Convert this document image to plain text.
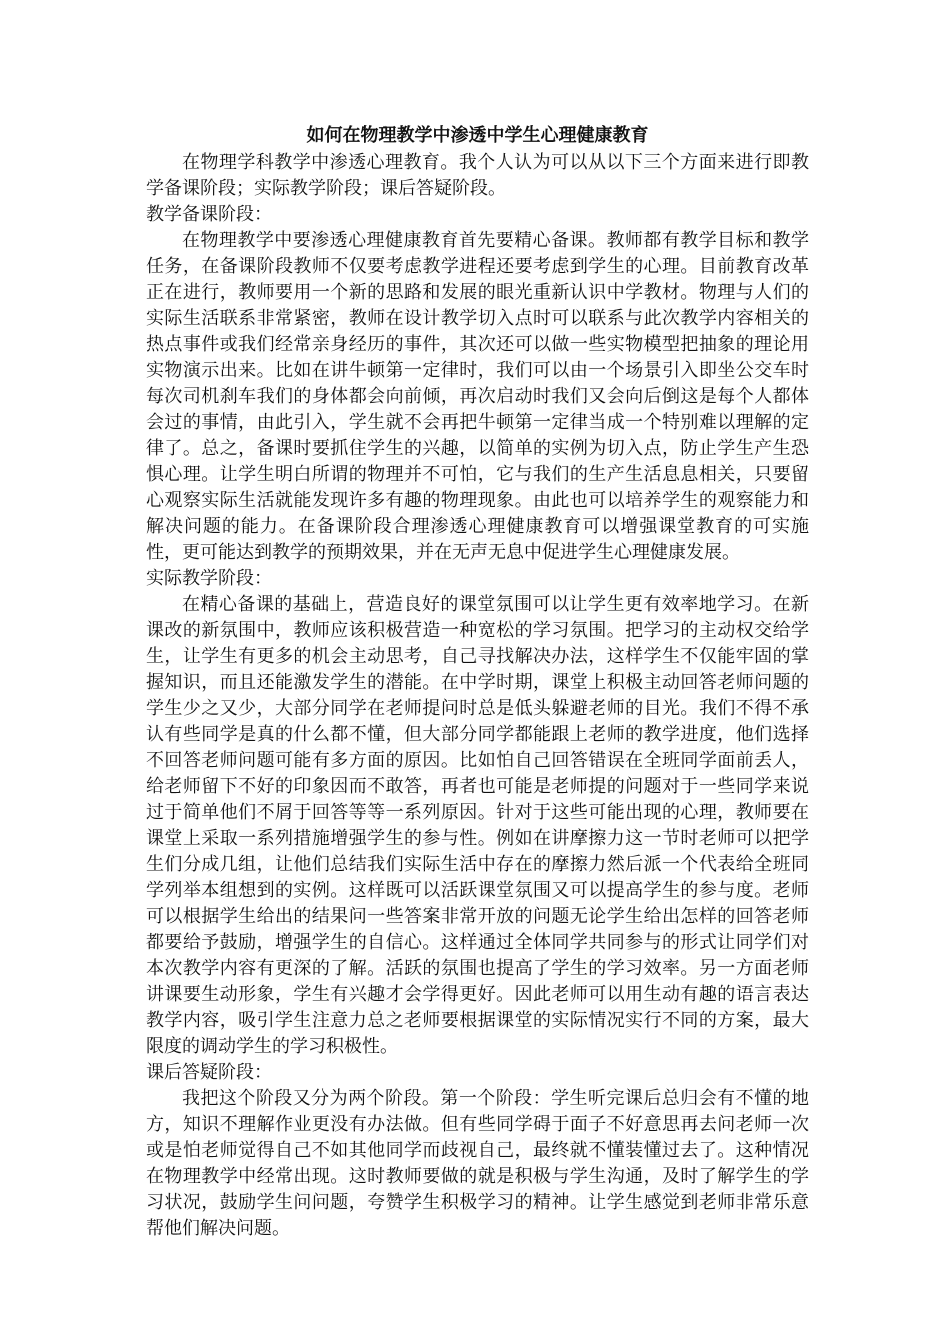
如何在物理教学中渗透中学生心理健康教育

在物理学科教学中渗透心理教育。我个人认为可以从以下三个方面来进行即教学备课阶段；实际教学阶段；课后答疑阶段。

教学备课阶段：

在物理教学中要渗透心理健康教育首先要精心备课。教师都有教学目标和教学任务，在备课阶段教师不仅要考虑教学进程还要考虑到学生的心理。目前教育改革正在进行，教师要用一个新的思路和发展的眼光重新认识中学教材。物理与人们的实际生活联系非常紧密，教师在设计教学切入点时可以联系与此次教学内容相关的热点事件或我们经常亲身经历的事件，其次还可以做一些实物模型把抽象的理论用实物演示出来。比如在讲牛顿第一定律时，我们可以由一个场景引入即坐公交车时每次司机刹车我们的身体都会向前倾，再次启动时我们又会向后倒这是每个人都体会过的事情，由此引入，学生就不会再把牛顿第一定律当成一个特别难以理解的定律了。总之，备课时要抓住学生的兴趣，以简单的实例为切入点，防止学生产生恐惧心理。让学生明白所谓的物理并不可怕，它与我们的生产生活息息相关，只要留心观察实际生活就能发现许多有趣的物理现象。由此也可以培养学生的观察能力和解决问题的能力。在备课阶段合理渗透心理健康教育可以增强课堂教育的可实施性，更可能达到教学的预期效果，并在无声无息中促进学生心理健康发展。

实际教学阶段：

在精心备课的基础上，营造良好的课堂氛围可以让学生更有效率地学习。在新课改的新氛围中，教师应该积极营造一种宽松的学习氛围。把学习的主动权交给学生，让学生有更多的机会主动思考，自己寻找解决办法，这样学生不仅能牢固的掌握知识，而且还能激发学生的潜能。在中学时期，课堂上积极主动回答老师问题的学生少之又少，大部分同学在老师提问时总是低头躲避老师的目光。我们不得不承认有些同学是真的什么都不懂，但大部分同学都能跟上老师的教学进度，他们选择不回答老师问题可能有多方面的原因。比如怕自己回答错误在全班同学面前丢人，给老师留下不好的印象因而不敢答，再者也可能是老师提的问题对于一些同学来说过于简单他们不屑于回答等等一系列原因。针对于这些可能出现的心理，教师要在课堂上采取一系列措施增强学生的参与性。例如在讲摩擦力这一节时老师可以把学生们分成几组，让他们总结我们实际生活中存在的摩擦力然后派一个代表给全班同学列举本组想到的实例。这样既可以活跃课堂氛围又可以提高学生的参与度。老师可以根据学生给出的结果问一些答案非常开放的问题无论学生给出怎样的回答老师都要给予鼓励，增强学生的自信心。这样通过全体同学共同参与的形式让同学们对本次教学内容有更深的了解。活跃的氛围也提高了学生的学习效率。另一方面老师讲课要生动形象，学生有兴趣才会学得更好。因此老师可以用生动有趣的语言表达教学内容，吸引学生注意力总之老师要根据课堂的实际情况实行不同的方案，最大限度的调动学生的学习积极性。

课后答疑阶段：

我把这个阶段又分为两个阶段。第一个阶段：学生听完课后总归会有不懂的地方，知识不理解作业更没有办法做。但有些同学碍于面子不好意思再去问老师一次或是怕老师觉得自己不如其他同学而歧视自己，最终就不懂装懂过去了。这种情况在物理教学中经常出现。这时教师要做的就是积极与学生沟通，及时了解学生的学习状况，鼓励学生问问题，夸赞学生积极学习的精神。让学生感觉到老师非常乐意帮他们解决问题。
